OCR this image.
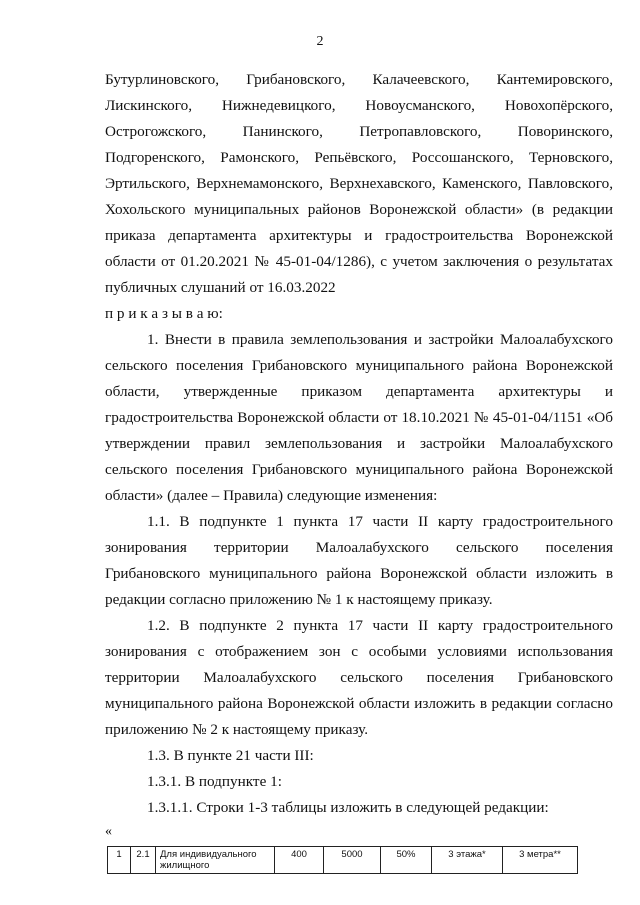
2
Бутурлиновского, Грибановского, Калачеевского, Кантемировского,
Лискинского, Нижнедевицкого, Новоусманского, Новохопёрского,
Острогожского, Панинского, Петропавловского, Поворинского,
Подгоренского, Рамонского, Репьёвского, Россошанского, Терновского,
Эртильского, Верхнемамонского, Верхнехавского, Каменского, Павловского,
Хохольского муниципальных районов Воронежской области» (в редакции
приказа департамента архитектуры и градостроительства Воронежской
области от 01.20.2021 № 45-01-04/1286), с учетом заключения о результатах
публичных слушаний от 16.03.2022
п р и к а з ы в а ю:
1. Внести в правила землепользования и застройки Малоалабухского
сельского поселения Грибановского муниципального района Воронежской
области, утвержденные приказом департамента архитектуры и
градостроительства Воронежской области от 18.10.2021 № 45-01-04/1151 «Об
утверждении правил землепользования и застройки Малоалабухского
сельского поселения Грибановского муниципального района Воронежской
области» (далее – Правила) следующие изменения:
1.1. В подпункте 1 пункта 17 части II карту градостроительного
зонирования территории Малоалабухского сельского поселения
Грибановского муниципального района Воронежской области изложить в
редакции согласно приложению № 1 к настоящему приказу.
1.2. В подпункте 2 пункта 17 части II карту градостроительного
зонирования с отображением зон с особыми условиями использования
территории Малоалабухского сельского поселения Грибановского
муниципального района Воронежской области изложить в редакции согласно
приложению № 2 к настоящему приказу.
1.3. В пункте 21 части III:
1.3.1. В подпункте 1:
1.3.1.1. Строки 1-3 таблицы изложить в следующей редакции:
«
1	2.1	Для индивидуального жилищного	400	5000	50%	3 этажа*	3 метра**
